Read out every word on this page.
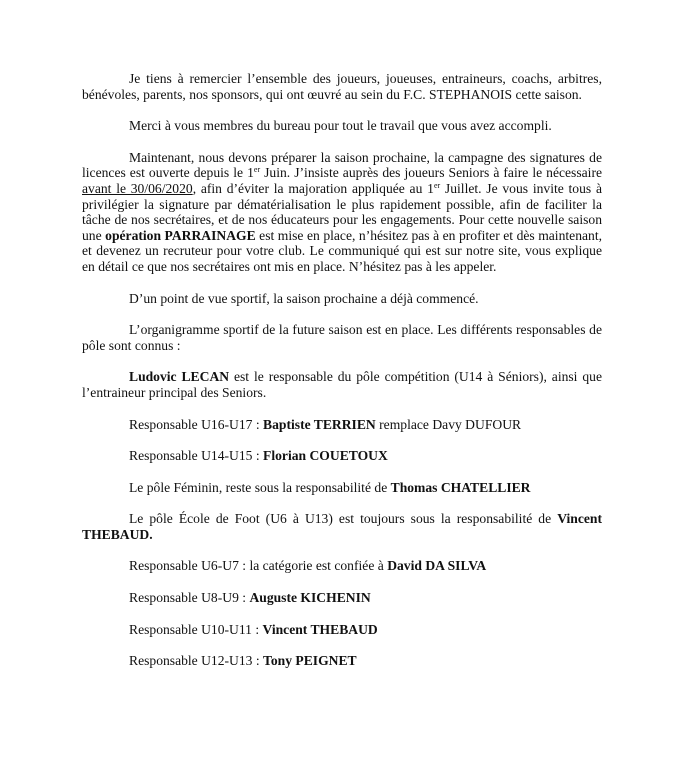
Je tiens à remercier l’ensemble des joueurs, joueuses, entraineurs, coachs, arbitres, bénévoles, parents, nos sponsors, qui ont œuvré au sein du F.C. STEPHANOIS cette saison.

Merci à vous membres du bureau pour tout le travail que vous avez accompli.

Maintenant, nous devons préparer la saison prochaine, la campagne des signatures de licences est ouverte depuis le 1er Juin. J’insiste auprès des joueurs Seniors à faire le nécessaire avant le 30/06/2020, afin d’éviter la majoration appliquée au 1er Juillet. Je vous invite tous à privilégier la signature par dématérialisation le plus rapidement possible, afin de faciliter la tâche de nos secrétaires, et de nos éducateurs pour les engagements. Pour cette nouvelle saison une opération PARRAINAGE est mise en place, n’hésitez pas à en profiter et dès maintenant, et devenez un recruteur pour votre club. Le communiqué qui est sur notre site, vous explique en détail ce que nos secrétaires ont mis en place. N’hésitez pas à les appeler.

D’un point de vue sportif, la saison prochaine a déjà commencé.

L’organigramme sportif de la future saison est en place. Les différents responsables de pôle sont connus :

Ludovic LECAN est le responsable du pôle compétition (U14 à Séniors), ainsi que l’entraineur principal des Seniors.

Responsable U16-U17 : Baptiste TERRIEN remplace Davy DUFOUR

Responsable U14-U15 : Florian COUETOUX

Le pôle Féminin, reste sous la responsabilité de Thomas CHATELLIER

Le pôle École de Foot (U6 à U13) est toujours sous la responsabilité de Vincent THEBAUD.

Responsable U6-U7 : la catégorie est confiée à David DA SILVA

Responsable U8-U9 : Auguste KICHENIN

Responsable U10-U11 : Vincent THEBAUD

Responsable U12-U13 : Tony PEIGNET
